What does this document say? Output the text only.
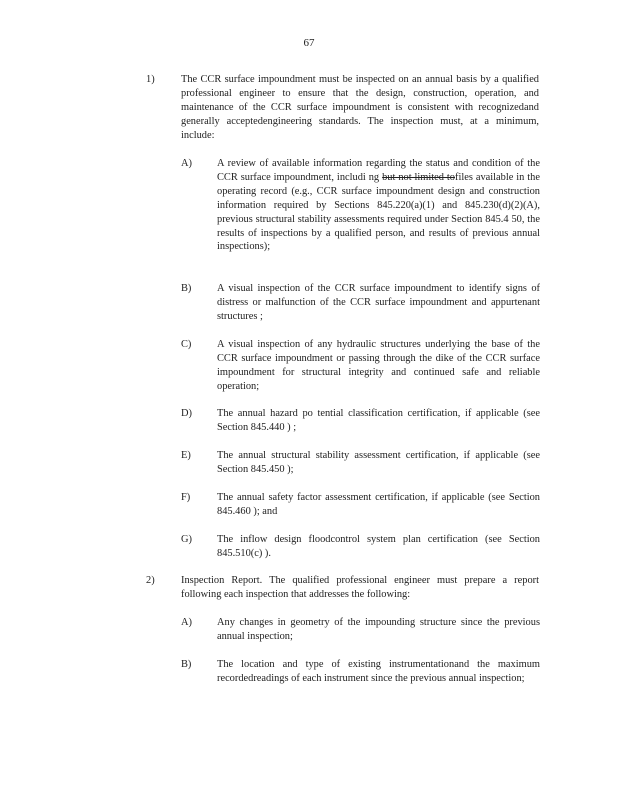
67
1)	The CCR surface impoundment must be inspected on an annual basis by a qualified professional engineer to ensure that the design, construction, operation, and maintenance of the CCR surface impoundment is consistent with recognizedand generally acceptedengineering standards. The inspection must, at a minimum, include:
A) A review of available information regarding the status and condition of the CCR surface impoundment, includi ng but not limited tofiles available in the operating record (e.g., CCR surface impoundment design and construction information required by Sections 845.220(a)(1) and 845.230(d)(2)(A), previous structural stability assessments required under Section 845.4 50, the results of inspections by a qualified person, and results of previous annual inspections);
B) A visual inspection of the CCR surface impoundment to identify signs of distress or malfunction of the CCR surface impoundment and appurtenant structures ;
C) A visual inspection of any hydraulic structures underlying the base of the CCR surface impoundment or passing through the dike of the CCR surface impoundment for structural integrity and continued safe and reliable operation;
D) The annual hazard po tential classification certification, if applicable (see Section 845.440 ) ;
E)	The annual structural stability assessment certification, if applicable (see Section 845.450 );
F)	The annual safety factor assessment certification, if applicable (see Section 845.460 ); and
G) The inflow design floodcontrol system plan certification (see Section 845.510(c) ).
2)	Inspection Report. The qualified professional engineer must prepare a report following each inspection that addresses the following:
A) Any changes in geometry of the impounding structure since the previous annual inspection;
B) The location and type of existing instrumentationand the maximum recordedreadings of each instrument since the previous annual inspection;
